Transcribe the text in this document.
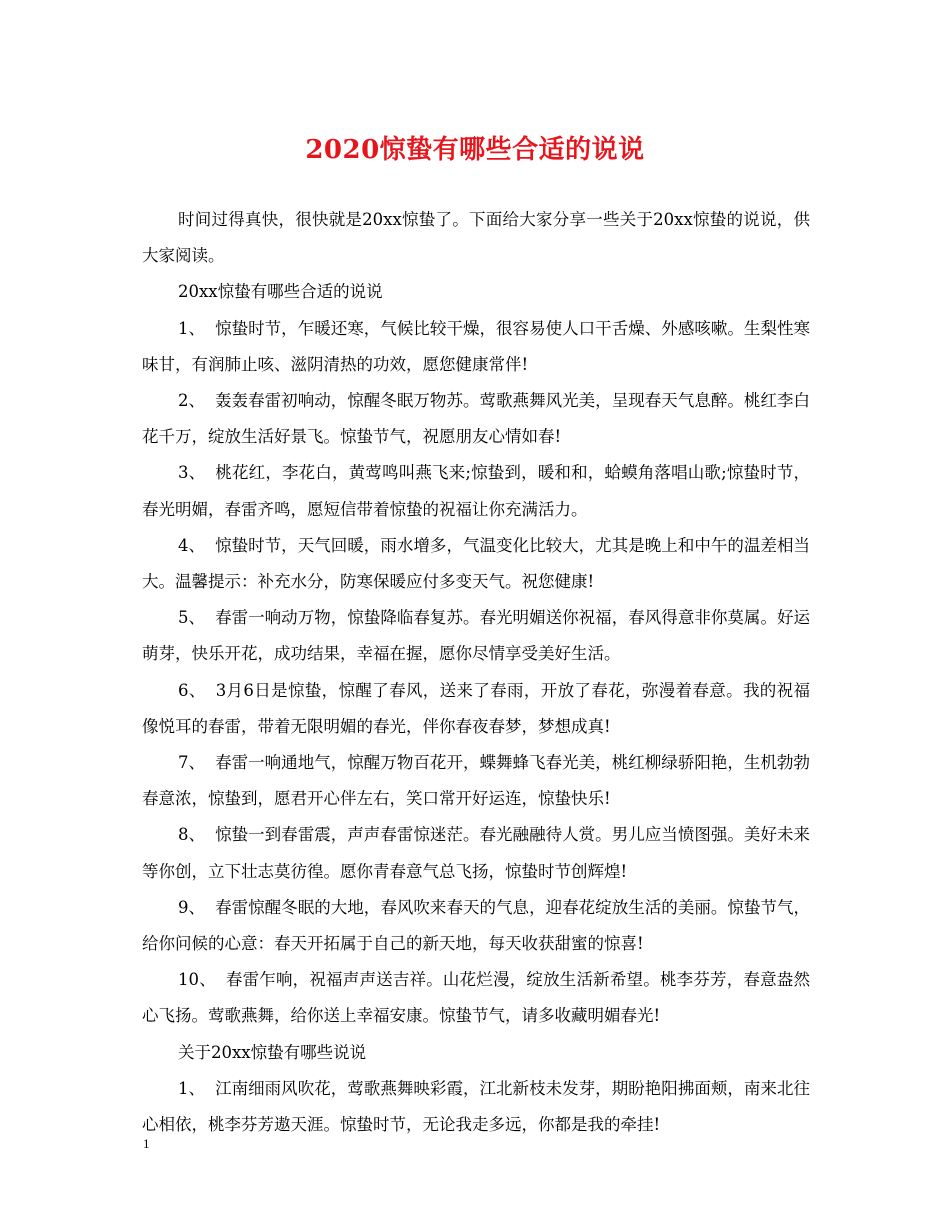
2020惊蛰有哪些合适的说说

时间过得真快，很快就是20xx惊蛰了。下面给大家分享一些关于20xx惊蛰的说说，供大家阅读。

20xx惊蛰有哪些合适的说说

1、 惊蛰时节，乍暖还寒，气候比较干燥，很容易使人口干舌燥、外感咳嗽。生梨性寒味甘，有润肺止咳、滋阴清热的功效，愿您健康常伴!

2、 轰轰春雷初响动，惊醒冬眠万物苏。莺歌燕舞风光美，呈现春天气息醉。桃红李白花千万，绽放生活好景飞。惊蛰节气，祝愿朋友心情如春!

3、 桃花红，李花白，黄莺鸣叫燕飞来;惊蛰到，暖和和，蛤蟆角落唱山歌;惊蛰时节，春光明媚，春雷齐鸣，愿短信带着惊蛰的祝福让你充满活力。

4、 惊蛰时节，天气回暖，雨水增多，气温变化比较大，尤其是晚上和中午的温差相当大。温馨提示：补充水分，防寒保暖应付多变天气。祝您健康!

5、 春雷一响动万物，惊蛰降临春复苏。春光明媚送你祝福，春风得意非你莫属。好运萌芽，快乐开花，成功结果，幸福在握，愿你尽情享受美好生活。

6、 3月6日是惊蛰，惊醒了春风，送来了春雨，开放了春花，弥漫着春意。我的祝福像悦耳的春雷，带着无限明媚的春光，伴你春夜春梦，梦想成真!

7、 春雷一响通地气，惊醒万物百花开，蝶舞蜂飞春光美，桃红柳绿骄阳艳，生机勃勃春意浓，惊蛰到，愿君开心伴左右，笑口常开好运连，惊蛰快乐!

8、 惊蛰一到春雷震，声声春雷惊迷茫。春光融融待人赏。男儿应当愤图强。美好未来等你创，立下壮志莫彷徨。愿你青春意气总飞扬，惊蛰时节创辉煌!

9、 春雷惊醒冬眠的大地，春风吹来春天的气息，迎春花绽放生活的美丽。惊蛰节气，给你问候的心意：春天开拓属于自己的新天地，每天收获甜蜜的惊喜!

10、 春雷乍响，祝福声声送吉祥。山花烂漫，绽放生活新希望。桃李芬芳，春意盎然心飞扬。莺歌燕舞，给你送上幸福安康。惊蛰节气，请多收藏明媚春光!

关于20xx惊蛰有哪些说说

1、 江南细雨风吹花，莺歌燕舞映彩霞，江北新枝未发芽，期盼艳阳拂面颊，南来北往心相依，桃李芬芳遨天涯。惊蛰时节，无论我走多远，你都是我的牵挂!

1
